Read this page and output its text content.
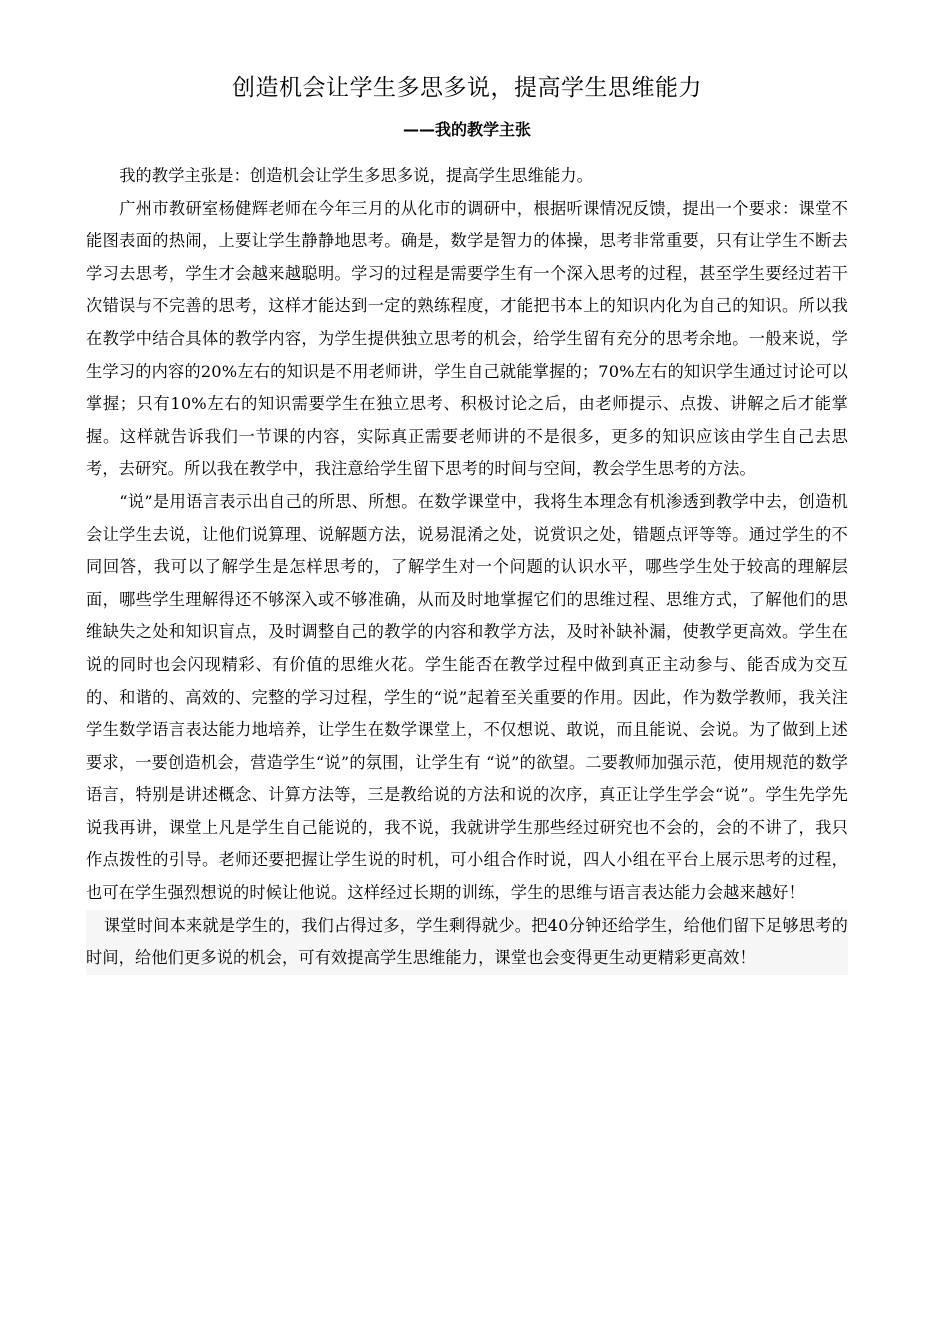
创造机会让学生多思多说，提高学生思维能力
——我的教学主张

我的教学主张是：创造机会让学生多思多说，提高学生思维能力。

广州市教研室杨健辉老师在今年三月的从化市的调研中，根据听课情况反馈，提出一个要求：课堂不能图表面的热闹，上要让学生静静地思考。确是，数学是智力的体操，思考非常重要，只有让学生不断去学习去思考，学生才会越来越聪明。学习的过程是需要学生有一个深入思考的过程，甚至学生要经过若干次错误与不完善的思考，这样才能达到一定的熟练程度，才能把书本上的知识内化为自己的知识。所以我在教学中结合具体的教学内容，为学生提供独立思考的机会，给学生留有充分的思考余地。一般来说，学生学习的内容的20%左右的知识是不用老师讲，学生自己就能掌握的；70%左右的知识学生通过讨论可以掌握；只有10%左右的知识需要学生在独立思考、积极讨论之后，由老师提示、点拨、讲解之后才能掌握。这样就告诉我们一节课的内容，实际真正需要老师讲的不是很多，更多的知识应该由学生自己去思考，去研究。所以我在教学中，我注意给学生留下思考的时间与空间，教会学生思考的方法。

“说”是用语言表示出自己的所思、所想。在数学课堂中，我将生本理念有机渗透到教学中去，创造机会让学生去说，让他们说算理、说解题方法，说易混淆之处，说赏识之处，错题点评等等。通过学生的不同回答，我可以了解学生是怎样思考的，了解学生对一个问题的认识水平，哪些学生处于较高的理解层面，哪些学生理解得还不够深入或不够准确，从而及时地掌握它们的思维过程、思维方式，了解他们的思维缺失之处和知识盲点，及时调整自己的教学的内容和教学方法，及时补缺补漏，使教学更高效。学生在说的同时也会闪现精彩、有价值的思维火花。学生能否在教学过程中做到真正主动参与、能否成为交互的、和谐的、高效的、完整的学习过程，学生的“说”起着至关重要的作用。因此，作为数学教师，我关注学生数学语言表达能力地培养，让学生在数学课堂上，不仅想说、敢说，而且能说、会说。为了做到上述要求，一要创造机会，营造学生“说”的氛围，让学生有 “说”的欲望。二要教师加强示范，使用规范的数学语言，特别是讲述概念、计算方法等，三是教给说的方法和说的次序，真正让学生学会“说”。学生先学先说我再讲，课堂上凡是学生自己能说的，我不说，我就讲学生那些经过研究也不会的，会的不讲了，我只作点拨性的引导。老师还要把握让学生说的时机，可小组合作时说，四人小组在平台上展示思考的过程，也可在学生强烈想说的时候让他说。这样经过长期的训练，学生的思维与语言表达能力会越来越好！

课堂时间本来就是学生的，我们占得过多，学生剩得就少。把40分钟还给学生，给他们留下足够思考的时间，给他们更多说的机会，可有效提高学生思维能力，课堂也会变得更生动更精彩更高效！
